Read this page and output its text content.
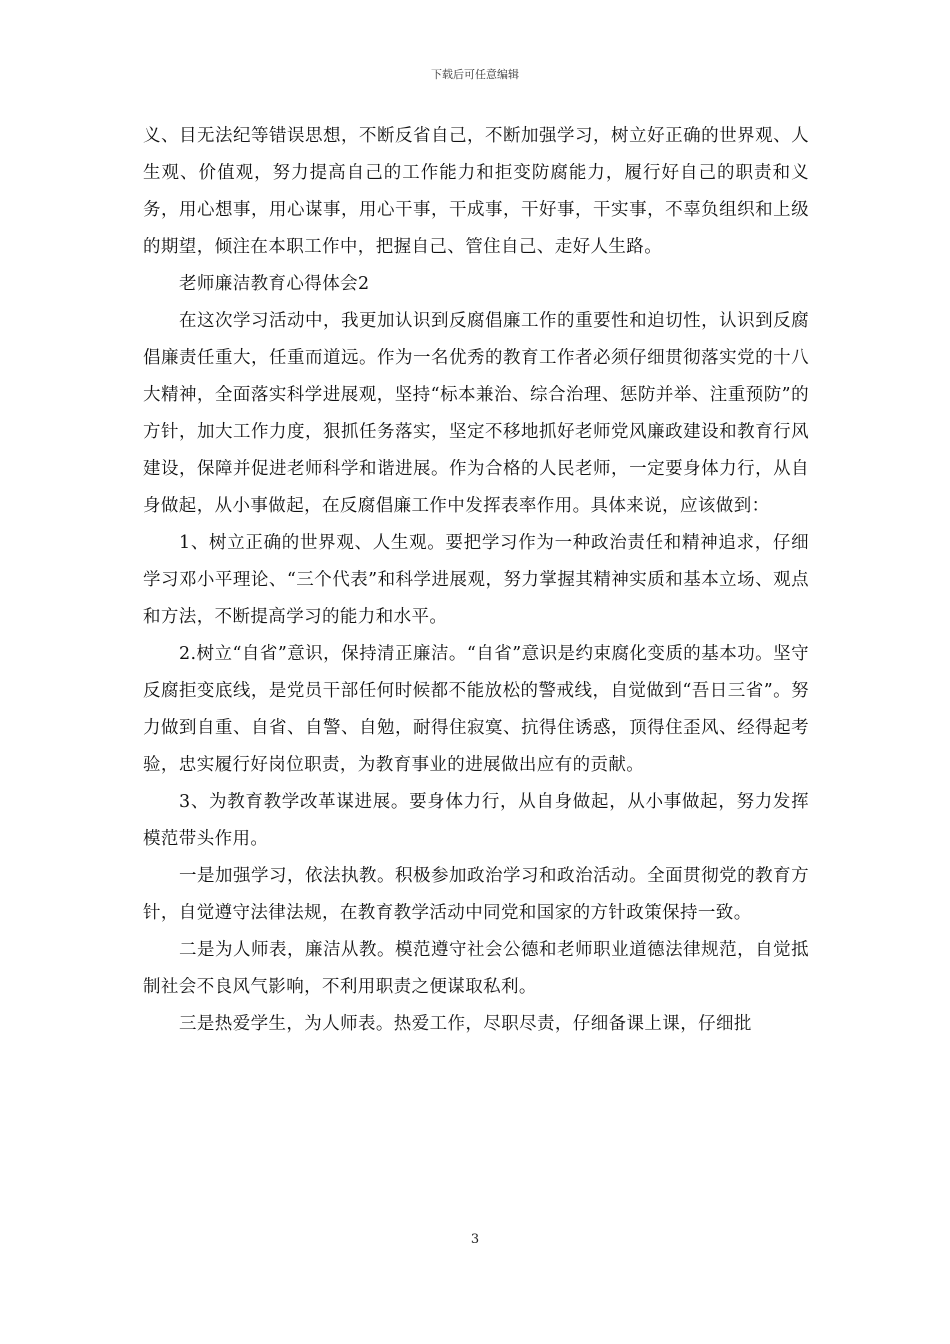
下载后可任意编辑

义、目无法纪等错误思想，不断反省自己，不断加强学习，树立好正确的世界观、人生观、价值观，努力提高自己的工作能力和拒变防腐能力，履行好自己的职责和义务，用心想事，用心谋事，用心干事，干成事，干好事，干实事，不辜负组织和上级的期望，倾注在本职工作中，把握自己、管住自己、走好人生路。

老师廉洁教育心得体会2

在这次学习活动中，我更加认识到反腐倡廉工作的重要性和迫切性，认识到反腐倡廉责任重大，任重而道远。作为一名优秀的教育工作者必须仔细贯彻落实党的十八大精神，全面落实科学进展观，坚持“标本兼治、综合治理、惩防并举、注重预防”的方针，加大工作力度，狠抓任务落实，坚定不移地抓好老师党风廉政建设和教育行风建设，保障并促进老师科学和谐进展。作为合格的人民老师，一定要身体力行，从自身做起，从小事做起，在反腐倡廉工作中发挥表率作用。具体来说，应该做到：

1、树立正确的世界观、人生观。要把学习作为一种政治责任和精神追求，仔细学习邓小平理论、“三个代表”和科学进展观，努力掌握其精神实质和基本立场、观点和方法，不断提高学习的能力和水平。

2.树立“自省”意识，保持清正廉洁。“自省”意识是约束腐化变质的基本功。坚守反腐拒变底线，是党员干部任何时候都不能放松的警戒线，自觉做到“吾日三省”。努力做到自重、自省、自警、自勉，耐得住寂寞、抗得住诱惑，顶得住歪风、经得起考验，忠实履行好岗位职责，为教育事业的进展做出应有的贡献。

3、为教育教学改革谋进展。要身体力行，从自身做起，从小事做起，努力发挥模范带头作用。

一是加强学习，依法执教。积极参加政治学习和政治活动。全面贯彻党的教育方针，自觉遵守法律法规，在教育教学活动中同党和国家的方针政策保持一致。

二是为人师表，廉洁从教。模范遵守社会公德和老师职业道德法律规范，自觉抵制社会不良风气影响，不利用职责之便谋取私利。

三是热爱学生，为人师表。热爱工作，尽职尽责，仔细备课上课，仔细批

3
